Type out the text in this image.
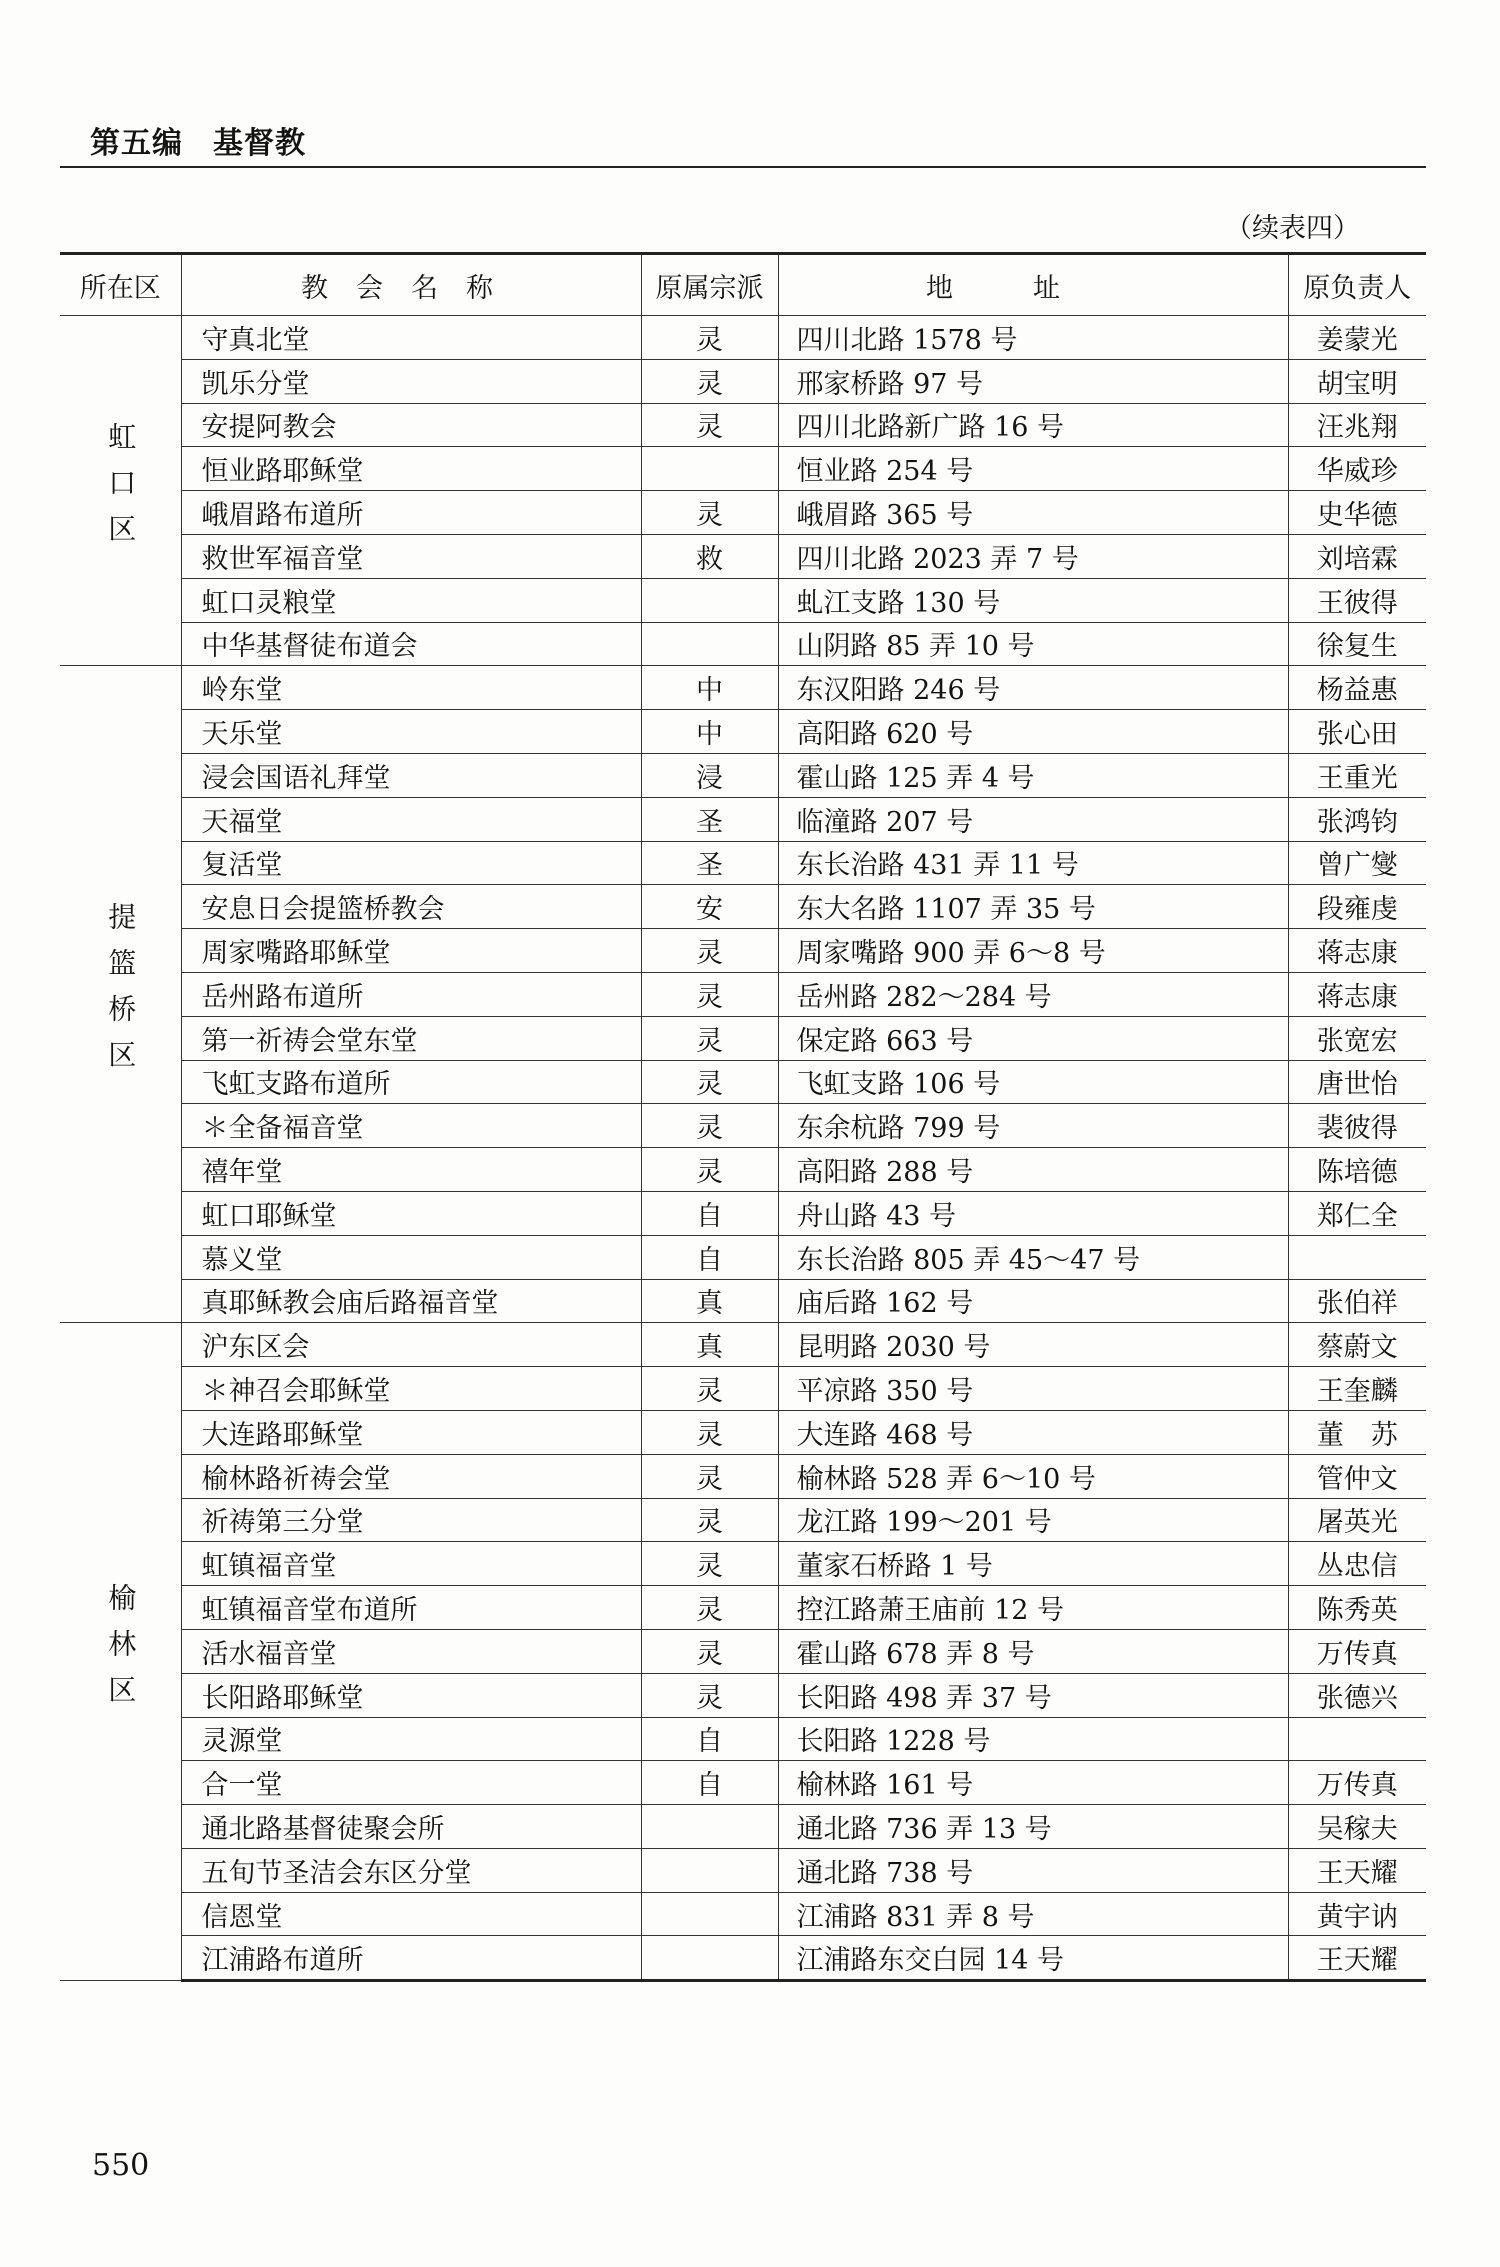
第五编 基督教
（续表四）
所在区	教会名称	原属宗派	地址	原负责人
虹口区	守真北堂	灵	四川北路 1578 号	姜蒙光
	凯乐分堂	灵	邢家桥路 97 号	胡宝明
	安提阿教会	灵	四川北路新广路 16 号	汪兆翔
	恒业路耶稣堂		恒业路 254 号	华威珍
	峨眉路布道所	灵	峨眉路 365 号	史华德
	救世军福音堂	救	四川北路 2023 弄 7 号	刘培霖
	虹口灵粮堂		虬江支路 130 号	王彼得
	中华基督徒布道会		山阴路 85 弄 10 号	徐复生
提篮桥区	岭东堂	中	东汉阳路 246 号	杨益惠
	天乐堂	中	高阳路 620 号	张心田
	浸会国语礼拜堂	浸	霍山路 125 弄 4 号	王重光
	天福堂	圣	临潼路 207 号	张鸿钧
	复活堂	圣	东长治路 431 弄 11 号	曾广燮
	安息日会提篮桥教会	安	东大名路 1107 弄 35 号	段雍虔
	周家嘴路耶稣堂	灵	周家嘴路 900 弄 6～8 号	蒋志康
	岳州路布道所	灵	岳州路 282～284 号	蒋志康
	第一祈祷会堂东堂	灵	保定路 663 号	张宽宏
	飞虹支路布道所	灵	飞虹支路 106 号	唐世怡
	＊全备福音堂	灵	东余杭路 799 号	裴彼得
	禧年堂	灵	高阳路 288 号	陈培德
	虹口耶稣堂	自	舟山路 43 号	郑仁全
	慕义堂	自	东长治路 805 弄 45～47 号	
	真耶稣教会庙后路福音堂	真	庙后路 162 号	张伯祥
榆林区	沪东区会	真	昆明路 2030 号	蔡蔚文
	＊神召会耶稣堂	灵	平凉路 350 号	王奎麟
	大连路耶稣堂	灵	大连路 468 号	董　苏
	榆林路祈祷会堂	灵	榆林路 528 弄 6～10 号	管仲文
	祈祷第三分堂	灵	龙江路 199～201 号	屠英光
	虹镇福音堂	灵	董家石桥路 1 号	丛忠信
	虹镇福音堂布道所	灵	控江路萧王庙前 12 号	陈秀英
	活水福音堂	灵	霍山路 678 弄 8 号	万传真
	长阳路耶稣堂	灵	长阳路 498 弄 37 号	张德兴
	灵源堂	自	长阳路 1228 号	
	合一堂	自	榆林路 161 号	万传真
	通北路基督徒聚会所		通北路 736 弄 13 号	吴稼夫
	五旬节圣洁会东区分堂		通北路 738 号	王天耀
	信恩堂		江浦路 831 弄 8 号	黄宇讷
	江浦路布道所		江浦路东交白园 14 号	王天耀
550
